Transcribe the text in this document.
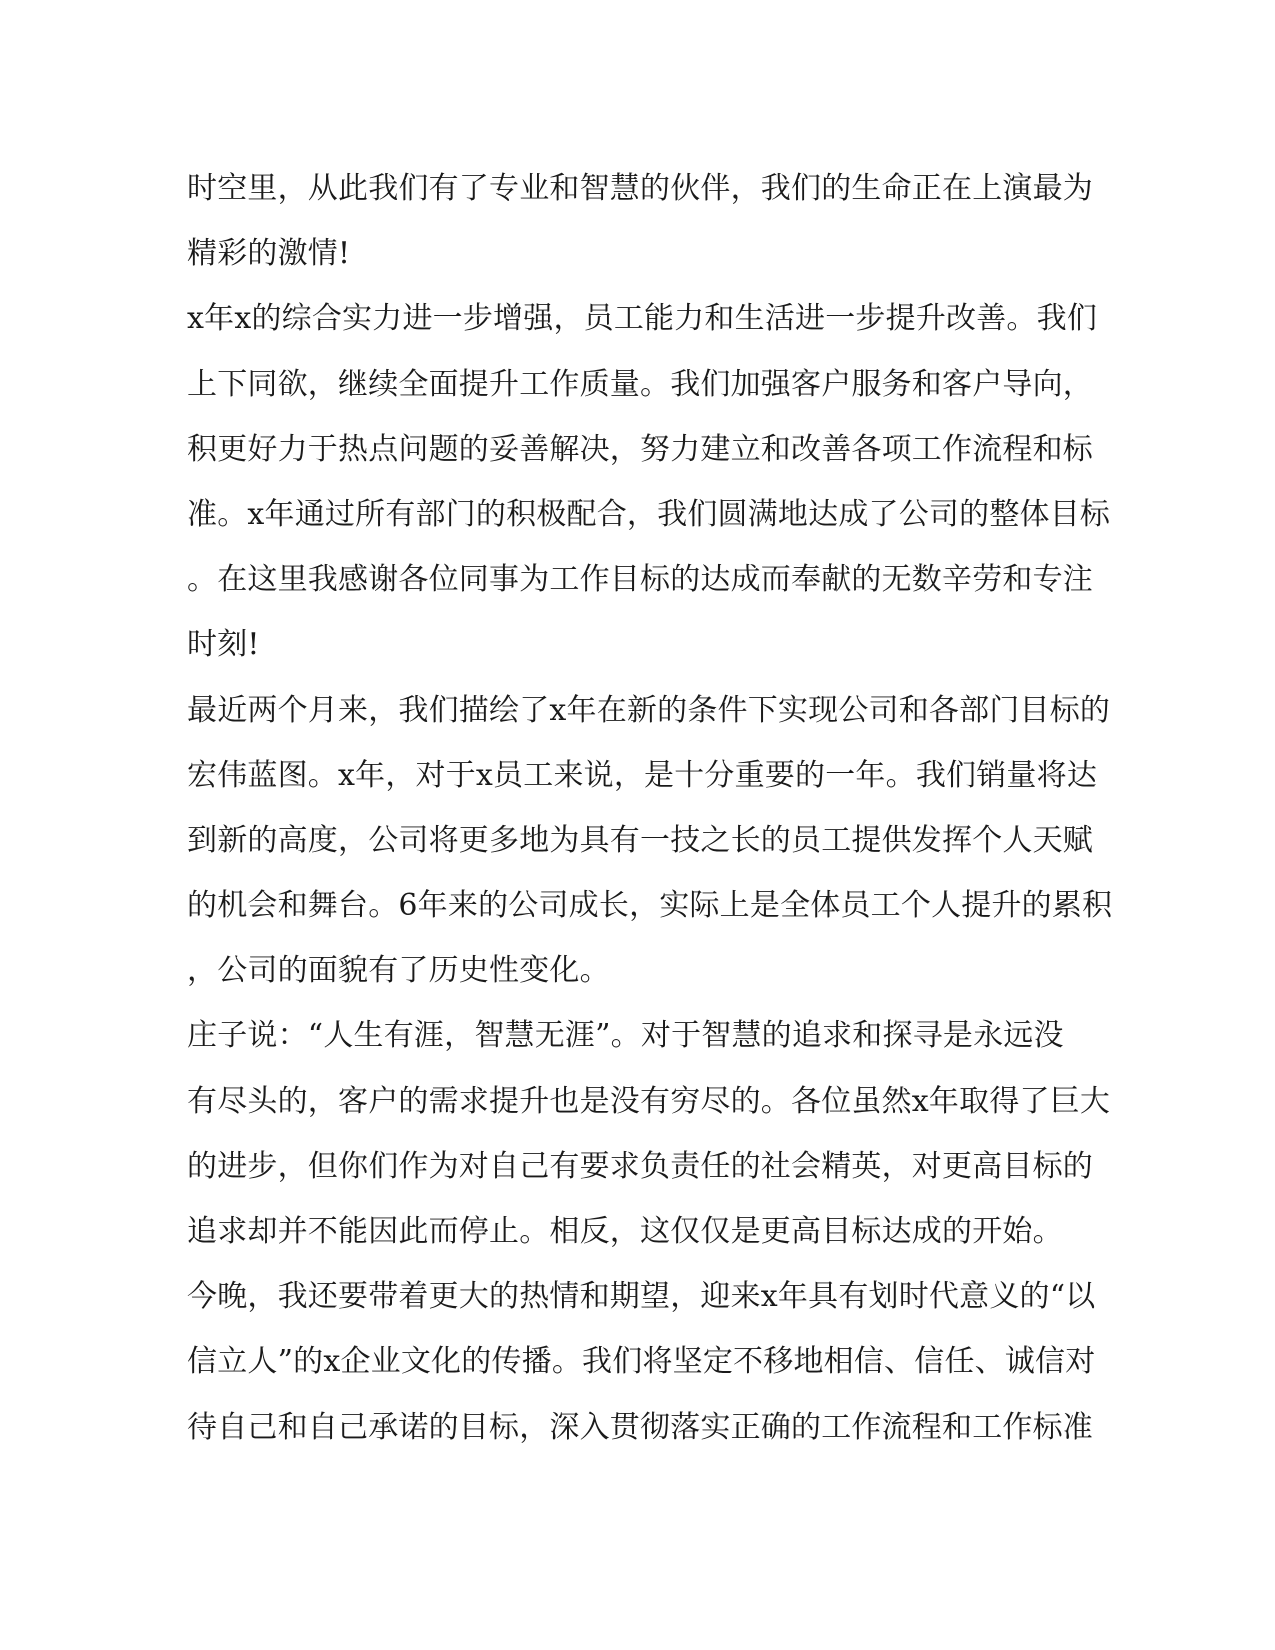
时空里，从此我们有了专业和智慧的伙伴，我们的生命正在上演最为
精彩的激情!
x年x的综合实力进一步增强，员工能力和生活进一步提升改善。我们
上下同欲，继续全面提升工作质量。我们加强客户服务和客户导向，
积更好力于热点问题的妥善解决，努力建立和改善各项工作流程和标
准。x年通过所有部门的积极配合，我们圆满地达成了公司的整体目标
。在这里我感谢各位同事为工作目标的达成而奉献的无数辛劳和专注
时刻!
最近两个月来，我们描绘了x年在新的条件下实现公司和各部门目标的
宏伟蓝图。x年，对于x员工来说，是十分重要的一年。我们销量将达
到新的高度，公司将更多地为具有一技之长的员工提供发挥个人天赋
的机会和舞台。6年来的公司成长，实际上是全体员工个人提升的累积
，公司的面貌有了历史性变化。
庄子说：“人生有涯，智慧无涯”。对于智慧的追求和探寻是永远没
有尽头的，客户的需求提升也是没有穷尽的。各位虽然x年取得了巨大
的进步，但你们作为对自己有要求负责任的社会精英，对更高目标的
追求却并不能因此而停止。相反，这仅仅是更高目标达成的开始。
今晚，我还要带着更大的热情和期望，迎来x年具有划时代意义的“以
信立人”的x企业文化的传播。我们将坚定不移地相信、信任、诚信对
待自己和自己承诺的目标，深入贯彻落实正确的工作流程和工作标准
